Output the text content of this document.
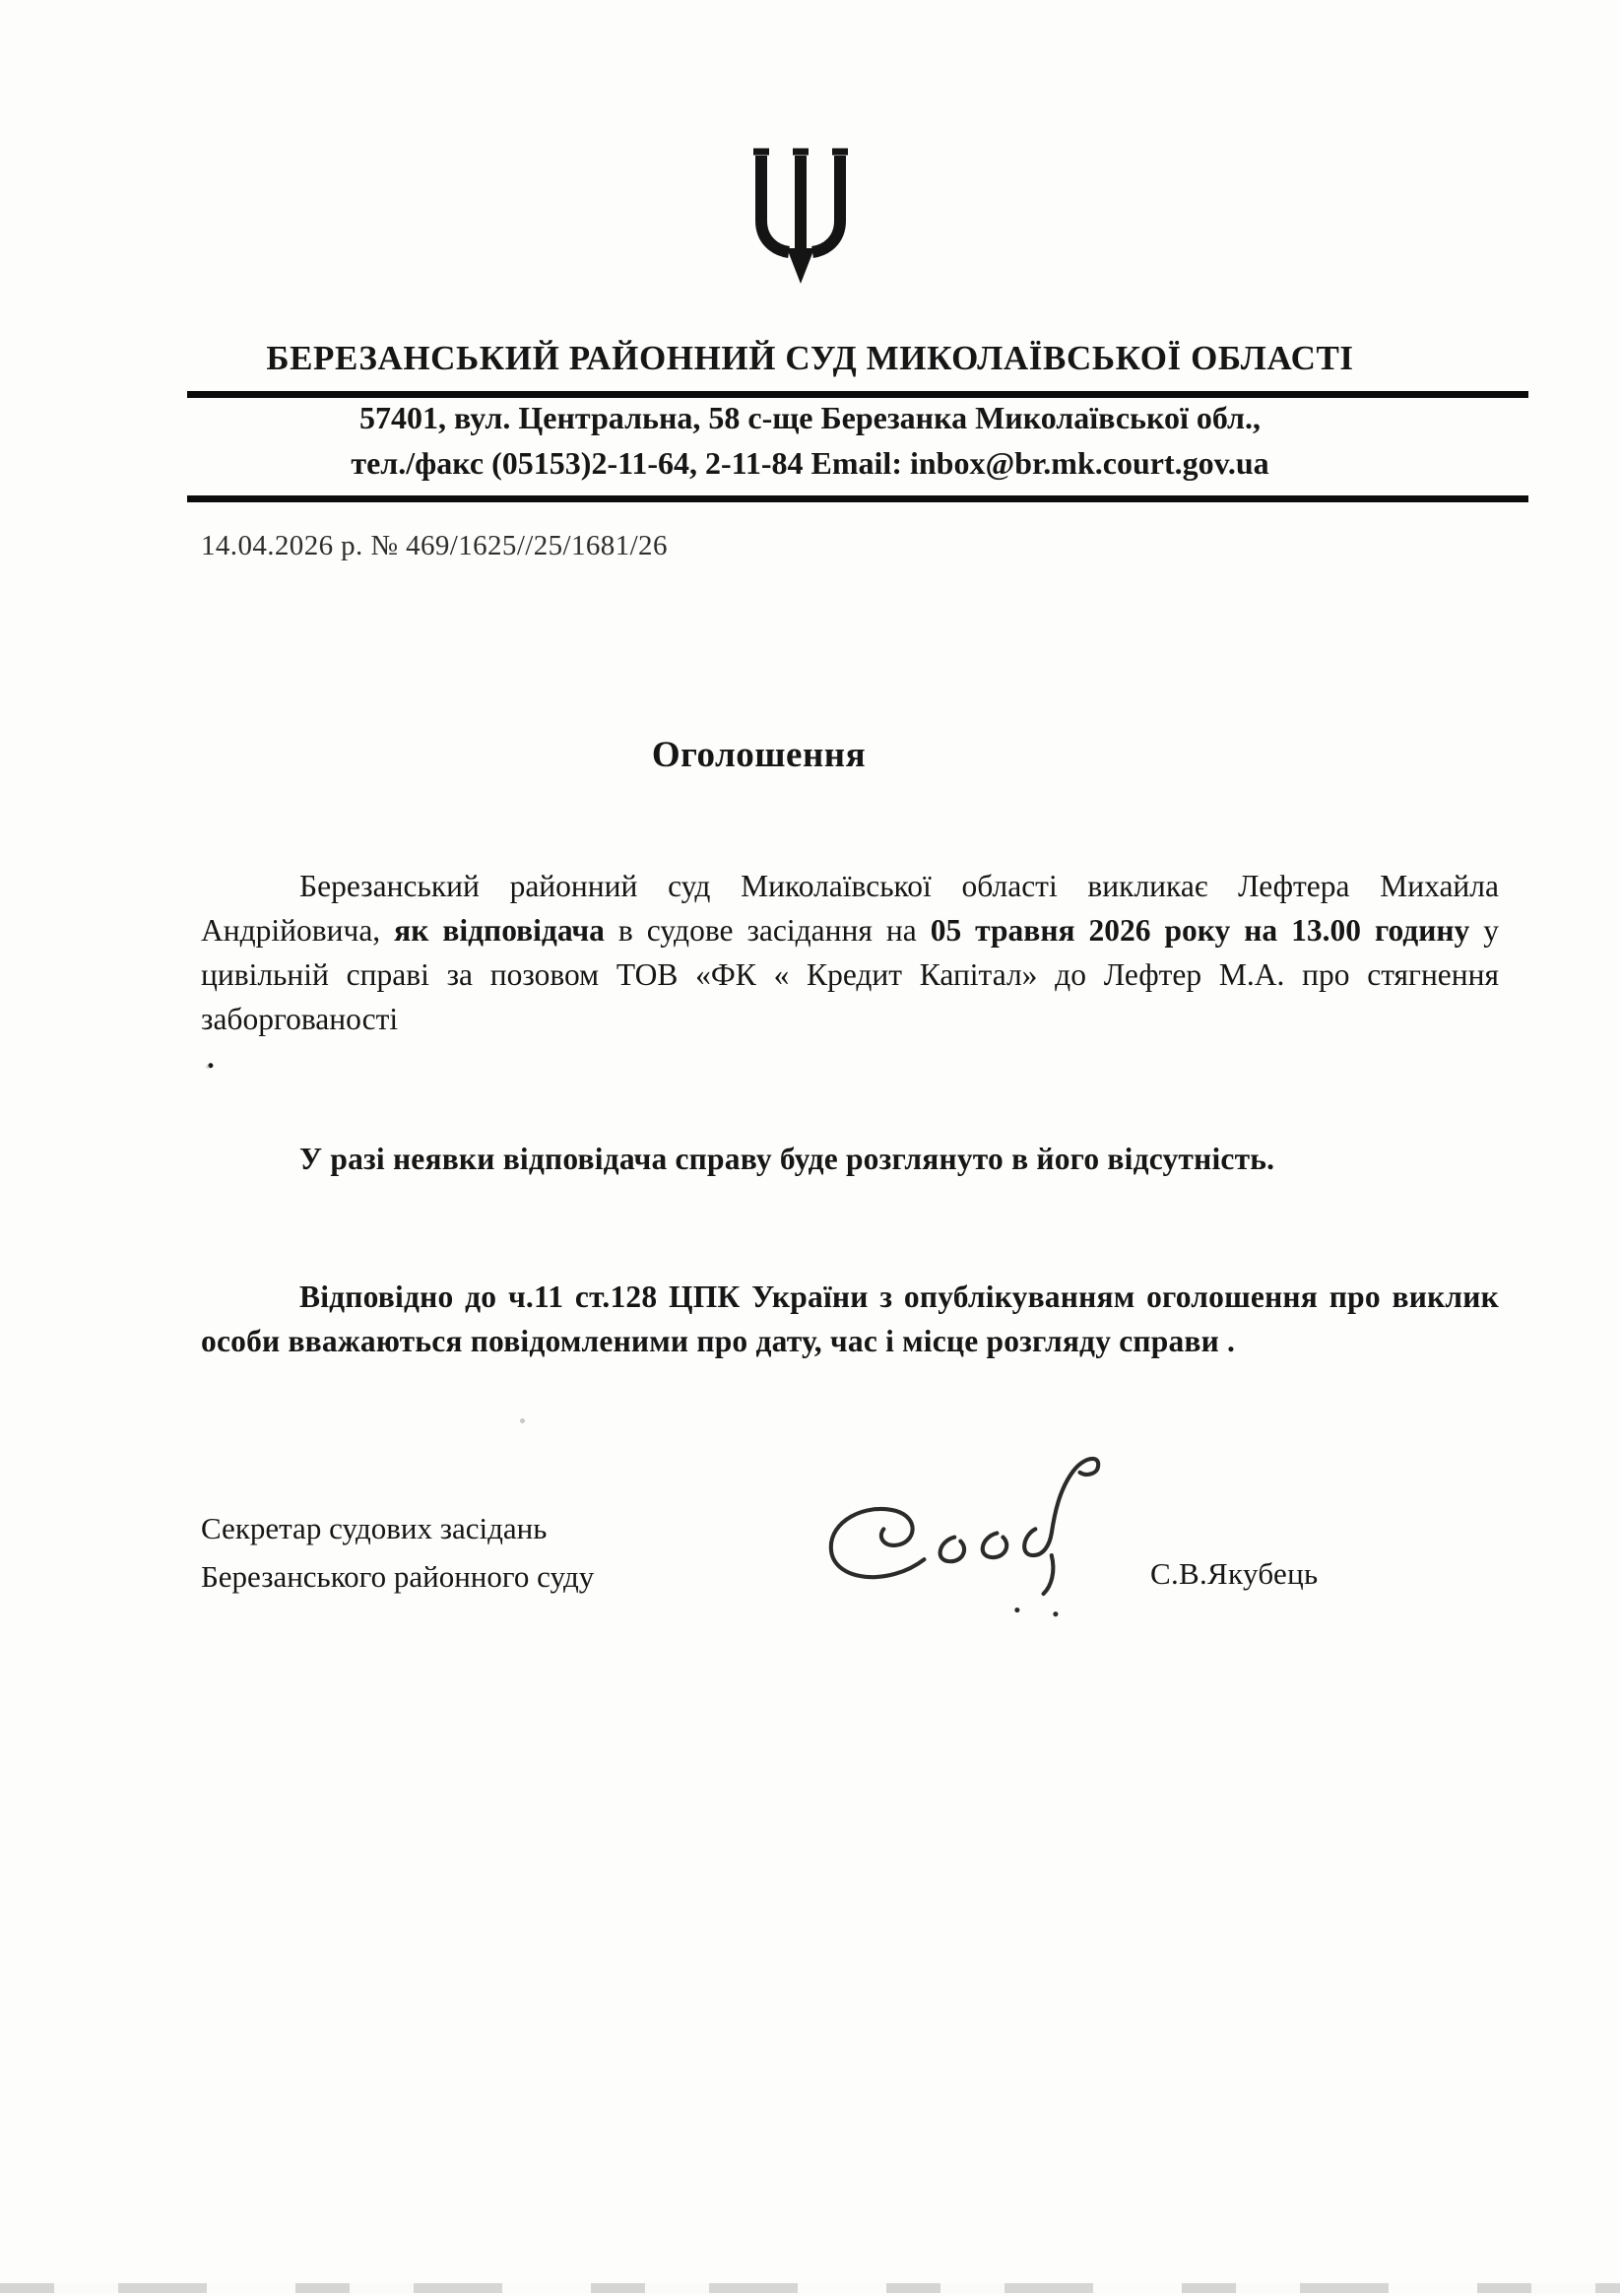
БЕРЕЗАНСЬКИЙ РАЙОННИЙ СУД МИКОЛАЇВСЬКОЇ ОБЛАСТІ
57401, вул. Центральна, 58 с-ще Березанка Миколаївської обл.,
тел./факс (05153)2-11-64, 2-11-84 Email: inbox@br.mk.court.gov.ua
14.04.2026 р. № 469/1625//25/1681/26
Оголошення

Березанський районний суд Миколаївської області викликає Лефтера Михайла Андрійовича, як відповідача в судове засідання на 05 травня 2026 року на 13.00 годину у цивільній справі за позовом ТОВ «ФК « Кредит Капітал» до Лефтер М.А. про стягнення заборгованості

.

У разі неявки відповідача справу буде розглянуто в його відсутність.

Відповідно до ч.11 ст.128 ЦПК України з опублікуванням оголошення про виклик особи вважаються повідомленими про дату, час і місце розгляду справи .

Секретар судових засідань
Березанського районного суду	С.В.Якубець
